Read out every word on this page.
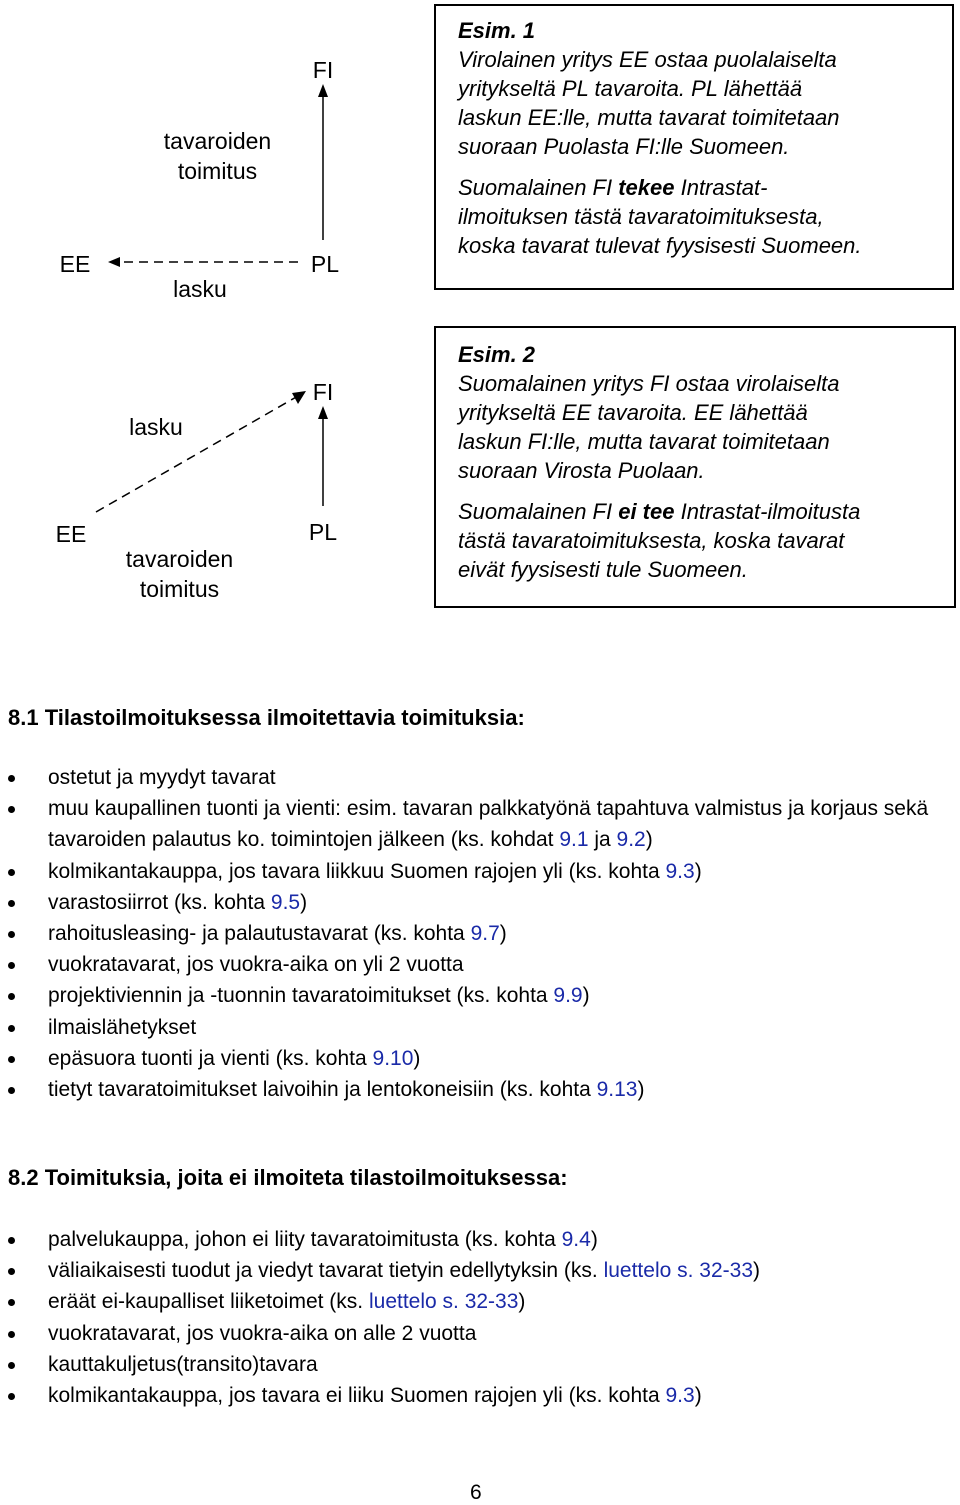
FI
PL
EE
tavaroiden
toimitus
lasku
Esim. 1
Virolainen yritys EE ostaa puolalaiselta
yritykseltä PL tavaroita. PL lähettää
laskun EE:lle, mutta tavarat toimitetaan
suoraan Puolasta FI:lle Suomeen.
Suomalainen FI tekee Intrastat-
ilmoituksen tästä tavaratoimituksesta,
koska tavarat tulevat fyysisesti Suomeen.
FI
PL
EE
lasku
tavaroiden
toimitus
Esim. 2
Suomalainen yritys FI ostaa virolaiselta
yritykseltä EE tavaroita. EE lähettää
laskun FI:lle, mutta tavarat toimitetaan
suoraan Virosta Puolaan.
Suomalainen FI ei tee Intrastat-ilmoitusta
tästä tavaratoimituksesta, koska tavarat
eivät fyysisesti tule Suomeen.
8.1 Tilastoilmoituksessa ilmoitettavia toimituksia:
ostetut ja myydyt tavarat
muu kaupallinen tuonti ja vienti: esim. tavaran palkkatyönä tapahtuva valmistus ja korjaus sekä tavaroiden palautus ko. toimintojen jälkeen (ks. kohdat 9.1 ja 9.2)
kolmikantakauppa, jos tavara liikkuu Suomen rajojen yli (ks. kohta 9.3)
varastosiirrot (ks. kohta 9.5)
rahoitusleasing- ja palautustavarat (ks. kohta 9.7)
vuokratavarat, jos vuokra-aika on yli 2 vuotta
projektiviennin ja -tuonnin tavaratoimitukset (ks. kohta 9.9)
ilmaislähetykset
epäsuora tuonti ja vienti (ks. kohta 9.10)
tietyt tavaratoimitukset laivoihin ja lentokoneisiin (ks. kohta 9.13)
8.2 Toimituksia, joita ei ilmoiteta tilastoilmoituksessa:
palvelukauppa, johon ei liity tavaratoimitusta (ks. kohta 9.4)
väliaikaisesti tuodut ja viedyt tavarat tietyin edellytyksin (ks. luettelo s. 32-33)
eräät ei-kaupalliset liiketoimet (ks. luettelo s. 32-33)
vuokratavarat, jos vuokra-aika on alle 2 vuotta
kauttakuljetus(transito)tavara
kolmikantakauppa, jos tavara ei liiku Suomen rajojen yli (ks. kohta 9.3)
6
